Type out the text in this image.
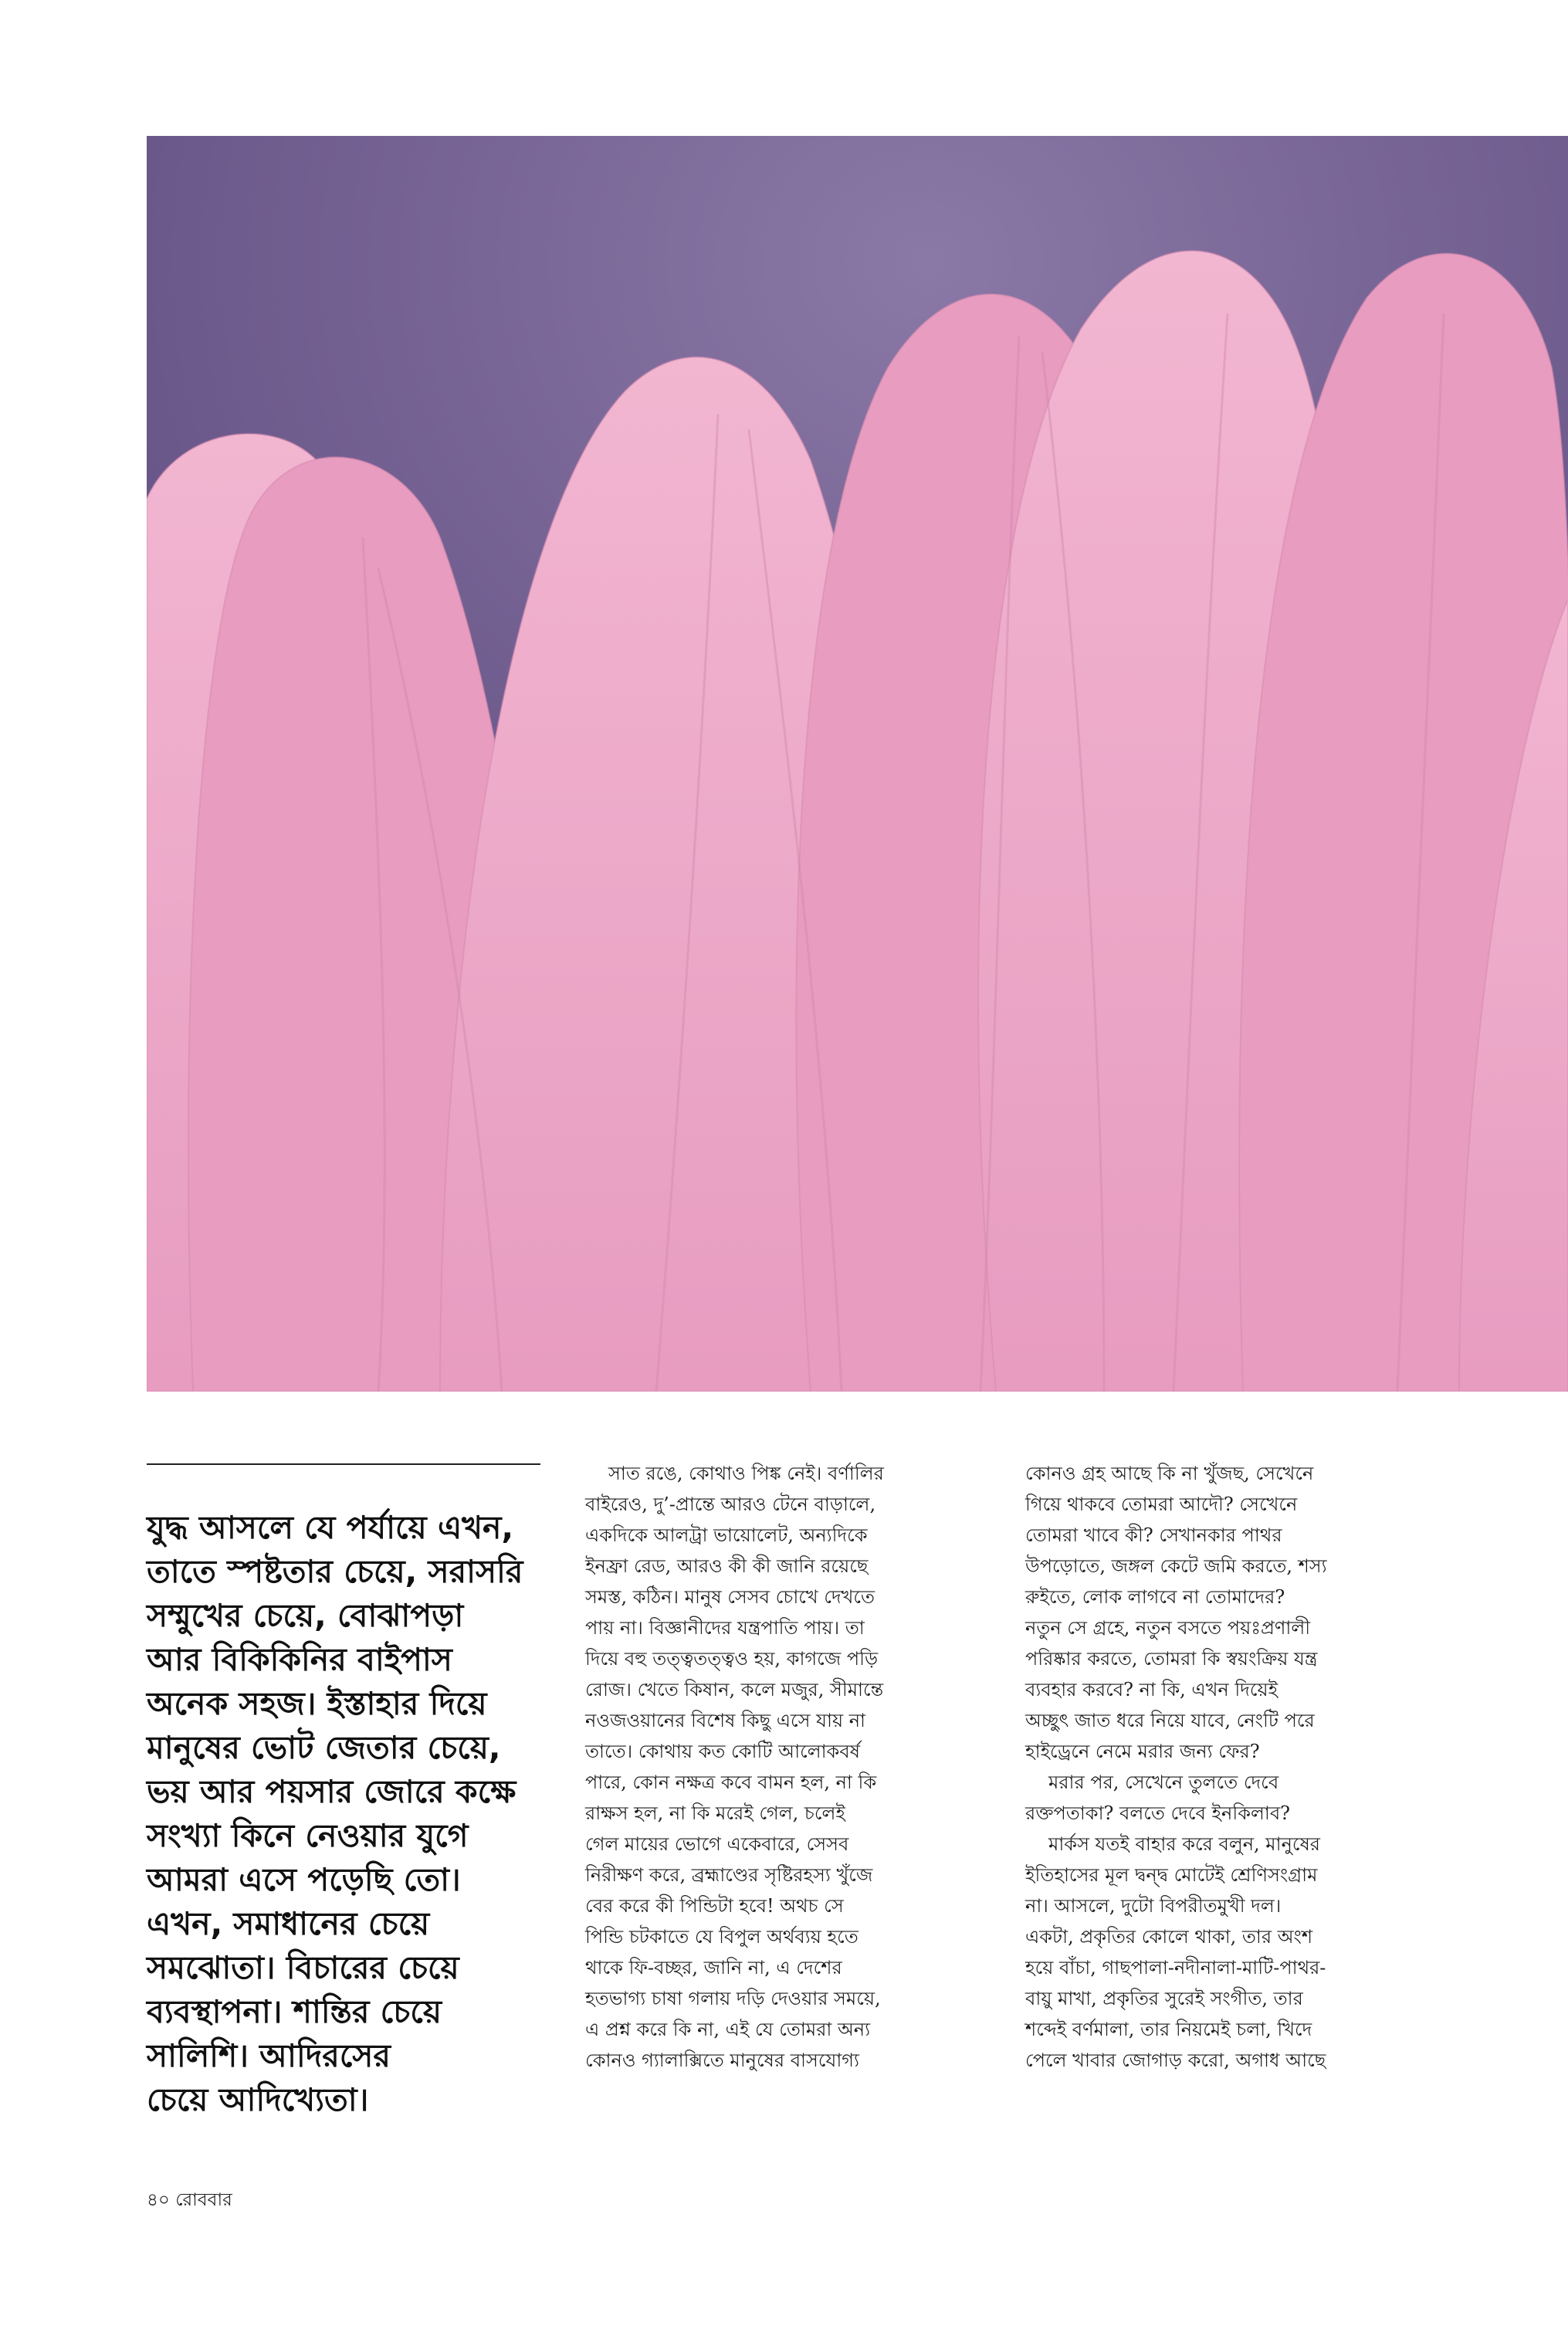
যুদ্ধ আসলে যে পর্যায়ে এখন,
তাতে স্পষ্টতার চেয়ে, সরাসরি
সম্মুখের চেয়ে, বোঝাপড়া
আর বিকিকিনির বাইপাস
অনেক সহজ। ইস্তাহার দিয়ে
মানুষের ভোট জেতার চেয়ে,
ভয় আর পয়সার জোরে কক্ষে
সংখ্যা কিনে নেওয়ার যুগে
আমরা এসে পড়েছি তো।
এখন, সমাধানের চেয়ে
সমঝোতা। বিচারের চেয়ে
ব্যবস্থাপনা। শান্তির চেয়ে
সালিশি। আদিরসের
চেয়ে আদিখ্যেতা।
সাত রঙে, কোথাও পিঙ্ক নেই। বর্ণালির
বাইরেও, দু’-প্রান্তে আরও টেনে বাড়ালে,
একদিকে আলট্রা ভায়োলেট, অন্যদিকে
ইনফ্রা রেড, আরও কী কী জানি রয়েছে
সমস্ত, কঠিন। মানুষ সেসব চোখে দেখতে
পায় না। বিজ্ঞানীদের যন্ত্রপাতি পায়। তা
দিয়ে বহু তত্ত্বতত্ত্বও হয়, কাগজে পড়ি
রোজ। খেতে কিষান, কলে মজুর, সীমান্তে
নওজওয়ানের বিশেষ কিছু এসে যায় না
তাতে। কোথায় কত কোটি আলোকবর্ষ
পারে, কোন নক্ষত্র কবে বামন হল, না কি
রাক্ষস হল, না কি মরেই গেল, চলেই
গেল মায়ের ভোগে একেবারে, সেসব
নিরীক্ষণ করে, ব্রহ্মাণ্ডের সৃষ্টিরহস্য খুঁজে
বের করে কী পিন্ডিটা হবে! অথচ সে
পিন্ডি চটকাতে যে বিপুল অর্থব্যয় হতে
থাকে ফি-বচ্ছর, জানি না, এ দেশের
হতভাগ্য চাষা গলায় দড়ি দেওয়ার সময়ে,
এ প্রশ্ন করে কি না, এই যে তোমরা অন্য
কোনও গ্যালাক্সিতে মানুষের বাসযোগ্য
কোনও গ্রহ আছে কি না খুঁজছ, সেখেনে
গিয়ে থাকবে তোমরা আদৌ? সেখেনে
তোমরা খাবে কী? সেখানকার পাথর
উপড়োতে, জঙ্গল কেটে জমি করতে, শস্য
রুইতে, লোক লাগবে না তোমাদের?
নতুন সে গ্রহে, নতুন বসতে পয়ঃপ্রণালী
পরিষ্কার করতে, তোমরা কি স্বয়ংক্রিয় যন্ত্র
ব্যবহার করবে? না কি, এখন দিয়েই
অচ্ছুৎ জাত ধরে নিয়ে যাবে, নেংটি পরে
হাইড্রেনে নেমে মরার জন্য ফের?
মরার পর, সেখেনে তুলতে দেবে
রক্তপতাকা? বলতে দেবে ইনকিলাব?
মার্কস যতই বাহার করে বলুন, মানুষের
ইতিহাসের মূল দ্বন্দ্ব মোটেই শ্রেণিসংগ্রাম
না। আসলে, দুটো বিপরীতমুখী দল।
একটা, প্রকৃতির কোলে থাকা, তার অংশ
হয়ে বাঁচা, গাছপালা-নদীনালা-মাটি-পাথর-
বায়ু মাখা, প্রকৃতির সুরেই সংগীত, তার
শব্দেই বর্ণমালা, তার নিয়মেই চলা, খিদে
পেলে খাবার জোগাড় করো, অগাধ আছে
৪০ রোববার
